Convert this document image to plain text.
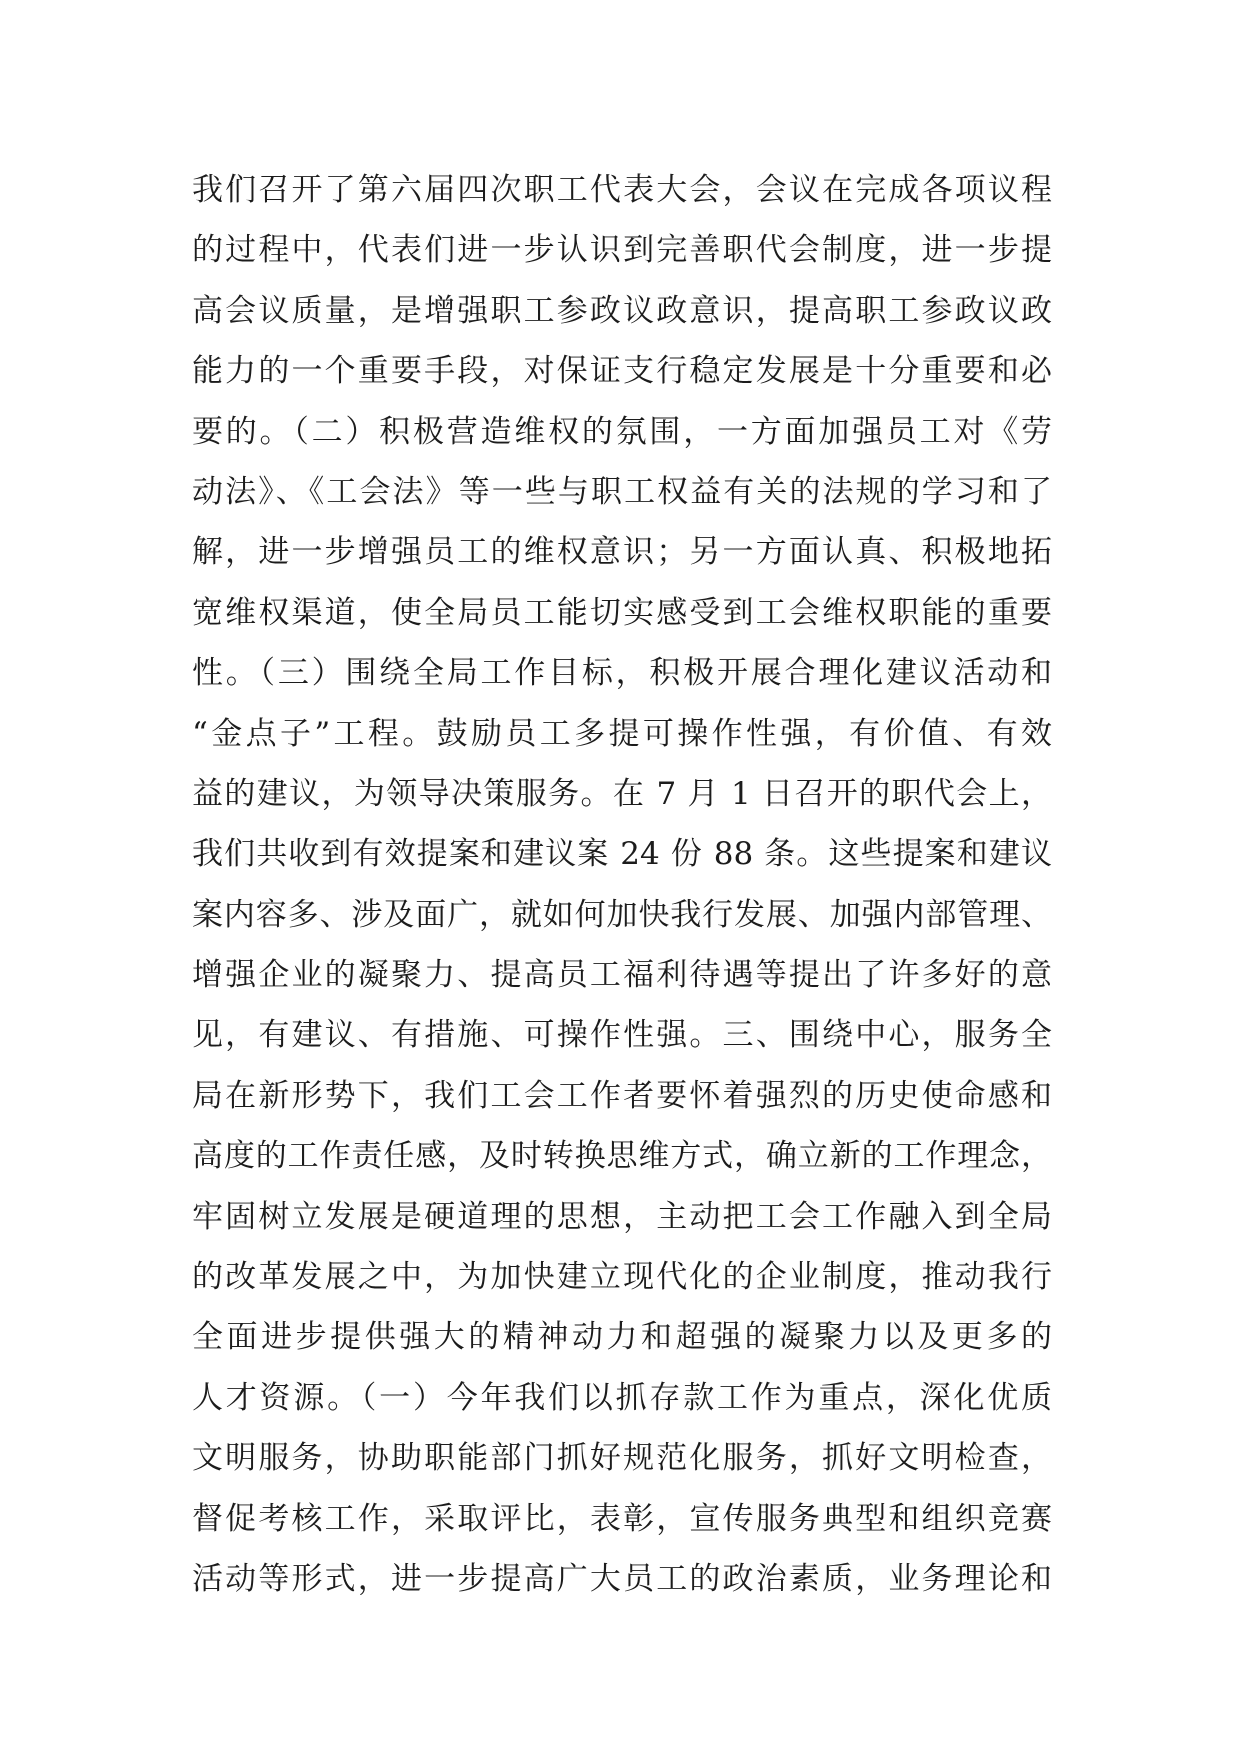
我们召开了第六届四次职工代表大会，会议在完成各项议程
的过程中，代表们进一步认识到完善职代会制度，进一步提
高会议质量，是增强职工参政议政意识，提高职工参政议政
能力的一个重要手段，对保证支行稳定发展是十分重要和必
要的。（二）积极营造维权的氛围，一方面加强员工对《劳
动法》、《工会法》等一些与职工权益有关的法规的学习和了
解，进一步增强员工的维权意识；另一方面认真、积极地拓
宽维权渠道，使全局员工能切实感受到工会维权职能的重要
性。（三）围绕全局工作目标，积极开展合理化建议活动和
“金点子”工程。鼓励员工多提可操作性强，有价值、有效
益的建议，为领导决策服务。在 7 月 1 日召开的职代会上，
我们共收到有效提案和建议案 24 份 88 条。这些提案和建议
案内容多、涉及面广，就如何加快我行发展、加强内部管理、
增强企业的凝聚力、提高员工福利待遇等提出了许多好的意
见，有建议、有措施、可操作性强。三、围绕中心，服务全
局在新形势下，我们工会工作者要怀着强烈的历史使命感和
高度的工作责任感，及时转换思维方式，确立新的工作理念，
牢固树立发展是硬道理的思想，主动把工会工作融入到全局
的改革发展之中，为加快建立现代化的企业制度，推动我行
全面进步提供强大的精神动力和超强的凝聚力以及更多的
人才资源。（一）今年我们以抓存款工作为重点，深化优质
文明服务，协助职能部门抓好规范化服务，抓好文明检查，
督促考核工作，采取评比，表彰，宣传服务典型和组织竞赛
活动等形式，进一步提高广大员工的政治素质，业务理论和
